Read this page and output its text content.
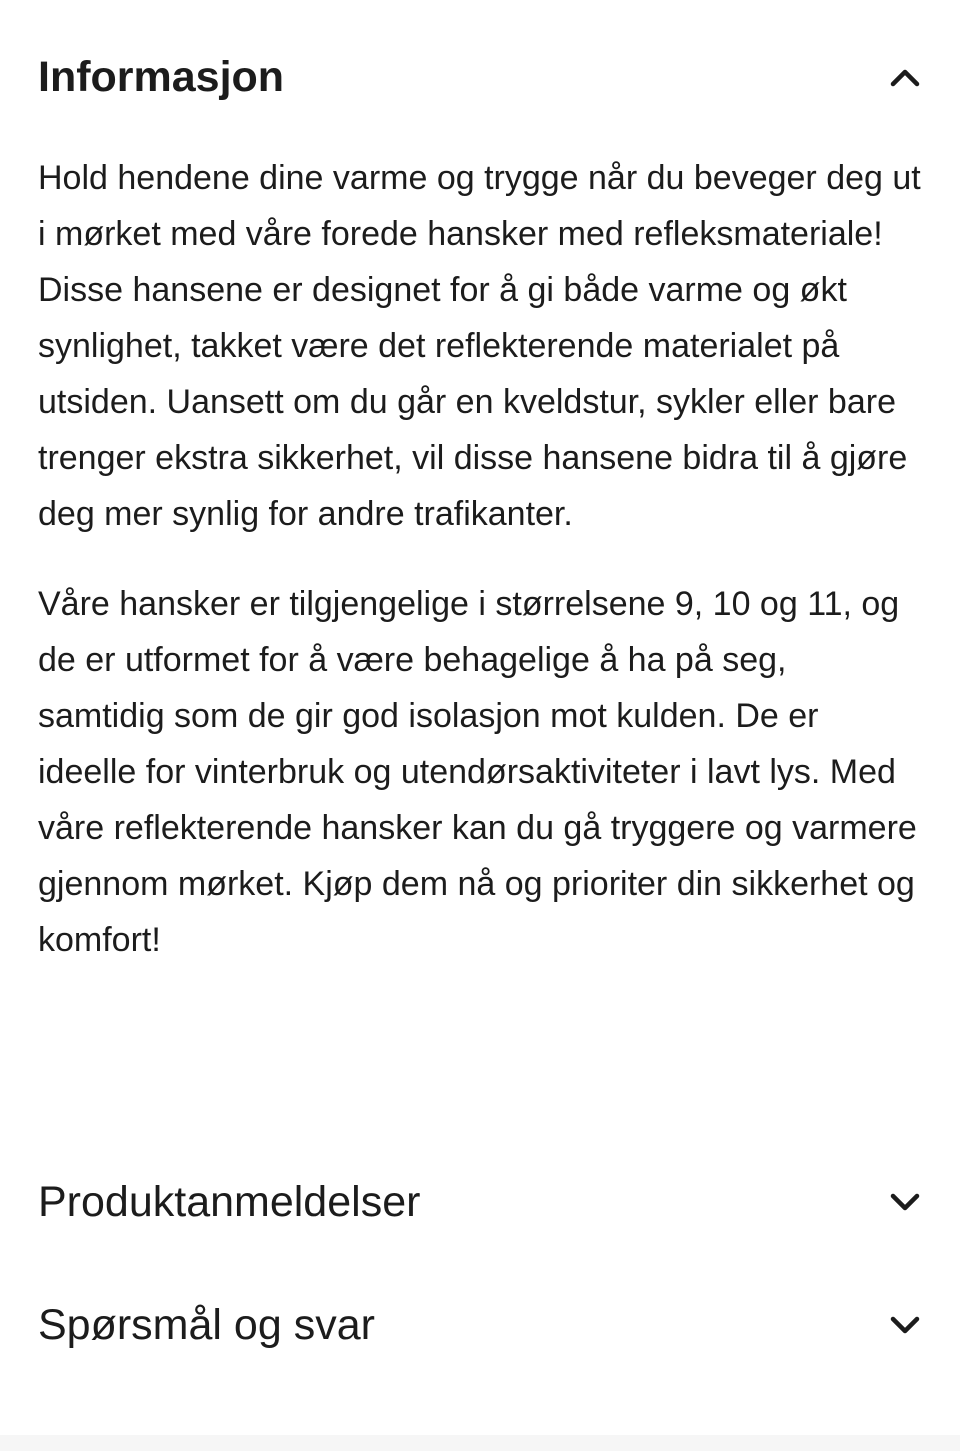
Informasjon

Hold hendene dine varme og trygge når du beveger deg ut i mørket med våre forede hansker med refleksmateriale! Disse hansene er designet for å gi både varme og økt synlighet, takket være det reflekterende materialet på utsiden. Uansett om du går en kveldstur, sykler eller bare trenger ekstra sikkerhet, vil disse hansene bidra til å gjøre deg mer synlig for andre trafikanter.

Våre hansker er tilgjengelige i størrelsene 9, 10 og 11, og de er utformet for å være behagelige å ha på seg, samtidig som de gir god isolasjon mot kulden. De er ideelle for vinterbruk og utendørsaktiviteter i lavt lys. Med våre reflekterende hansker kan du gå tryggere og varmere gjennom mørket. Kjøp dem nå og prioriter din sikkerhet og komfort!

Produktanmeldelser
Spørsmål og svar
